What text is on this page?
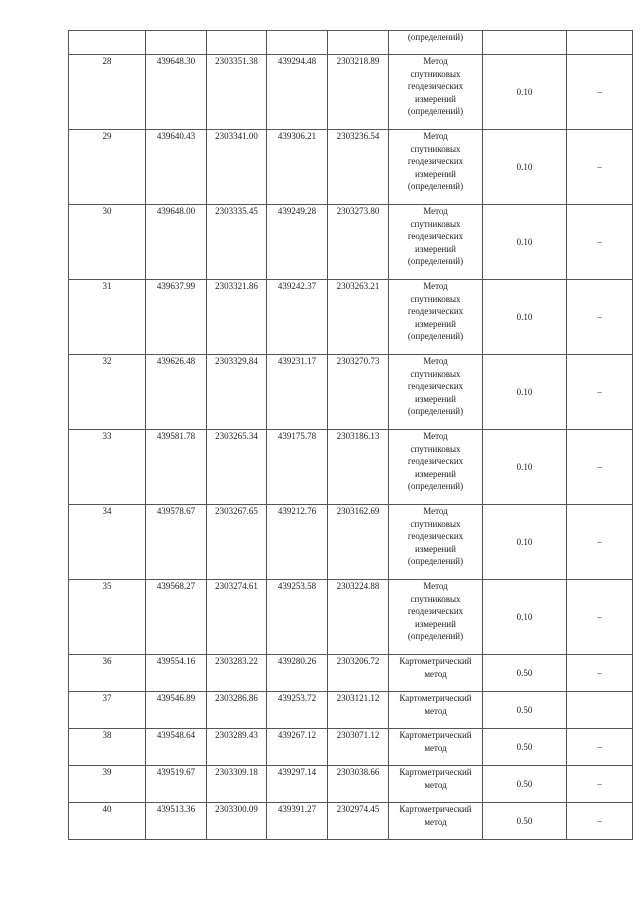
					(определений)		
28	439648.30	2303351.38	439294.48	2303218.89	Метод
спутниковых
геодезических
измерений
(определений)	0.10	–
29	439640.43	2303341.00	439306.21	2303236.54	Метод
спутниковых
геодезических
измерений
(определений)	0.10	–
30	439648.00	2303335.45	439249.28	2303273.80	Метод
спутниковых
геодезических
измерений
(определений)	0.10	–
31	439637.99	2303321.86	439242.37	2303263.21	Метод
спутниковых
геодезических
измерений
(определений)	0.10	–
32	439626.48	2303329.84	439231.17	2303270.73	Метод
спутниковых
геодезических
измерений
(определений)	0.10	–
33	439581.78	2303265.34	439175.78	2303186.13	Метод
спутниковых
геодезических
измерений
(определений)	0.10	–
34	439578.67	2303267.65	439212.76	2303162.69	Метод
спутниковых
геодезических
измерений
(определений)	0.10	–
35	439568.27	2303274.61	439253.58	2303224.88	Метод
спутниковых
геодезических
измерений
(определений)	0.10	–
36	439554.16	2303283.22	439280.26	2303206.72	Картометрический
метод	0.50	–
37	439546.89	2303286.86	439253.72	2303121.12	Картометрический
метод	0.50	
38	439548.64	2303289.43	439267.12	2303071.12	Картометрический
метод	0.50	–
39	439519.67	2303309.18	439297.14	2303038.66	Картометрический
метод	0.50	–
40	439513.36	2303300.09	439391.27	2302974.45	Картометрический
метод	0.50	–
